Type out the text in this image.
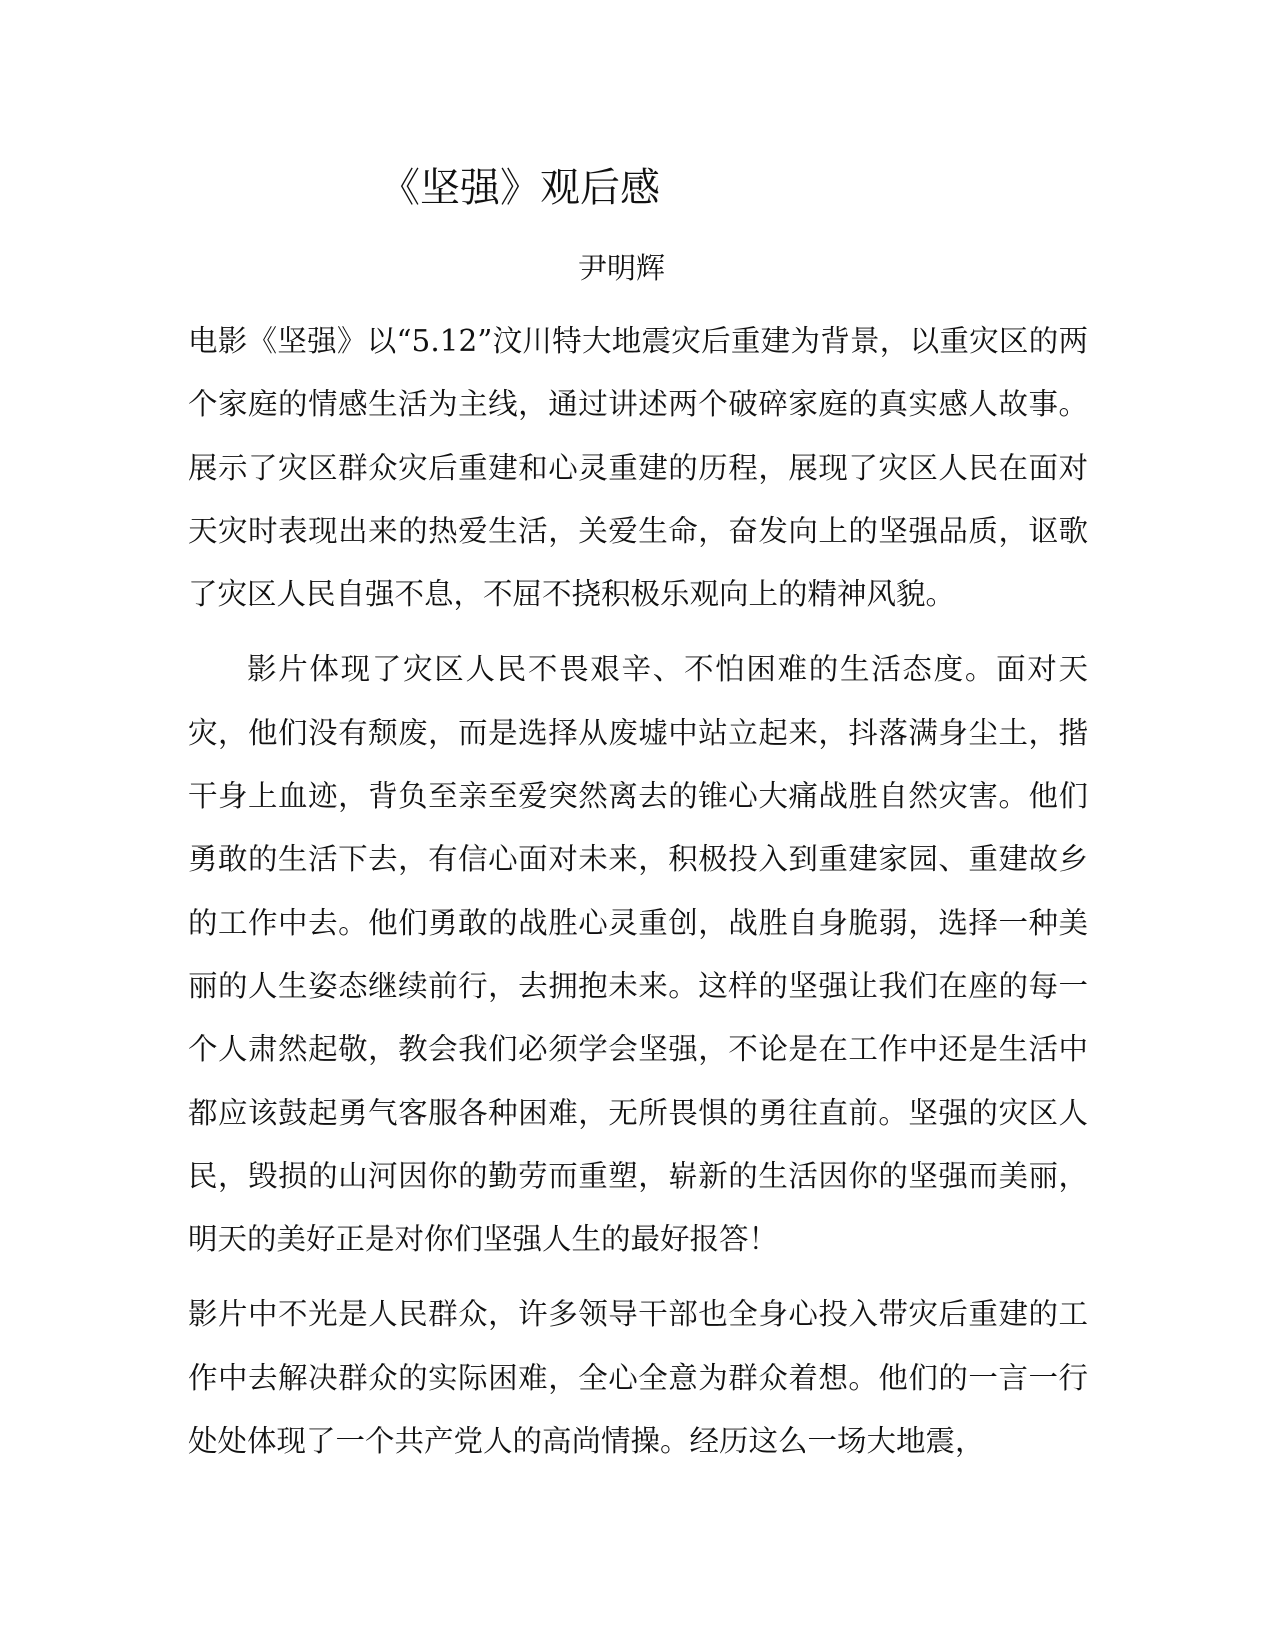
《坚强》观后感
尹明辉

电影《坚强》以“5.12”汶川特大地震灾后重建为背景，以重灾区的两个家庭的情感生活为主线，通过讲述两个破碎家庭的真实感人故事。展示了灾区群众灾后重建和心灵重建的历程，展现了灾区人民在面对天灾时表现出来的热爱生活，关爱生命，奋发向上的坚强品质，讴歌了灾区人民自强不息，不屈不挠积极乐观向上的精神风貌。

影片体现了灾区人民不畏艰辛、不怕困难的生活态度。面对天灾，他们没有颓废，而是选择从废墟中站立起来，抖落满身尘土，揩干身上血迹，背负至亲至爱突然离去的锥心大痛战胜自然灾害。他们勇敢的生活下去，有信心面对未来，积极投入到重建家园、重建故乡的工作中去。他们勇敢的战胜心灵重创，战胜自身脆弱，选择一种美丽的人生姿态继续前行，去拥抱未来。这样的坚强让我们在座的每一个人肃然起敬，教会我们必须学会坚强，不论是在工作中还是生活中都应该鼓起勇气客服各种困难，无所畏惧的勇往直前。坚强的灾区人民，毁损的山河因你的勤劳而重塑，崭新的生活因你的坚强而美丽，明天的美好正是对你们坚强人生的最好报答！

影片中不光是人民群众，许多领导干部也全身心投入带灾后重建的工作中去解决群众的实际困难，全心全意为群众着想。他们的一言一行处处体现了一个共产党人的高尚情操。经历这么一场大地震，
